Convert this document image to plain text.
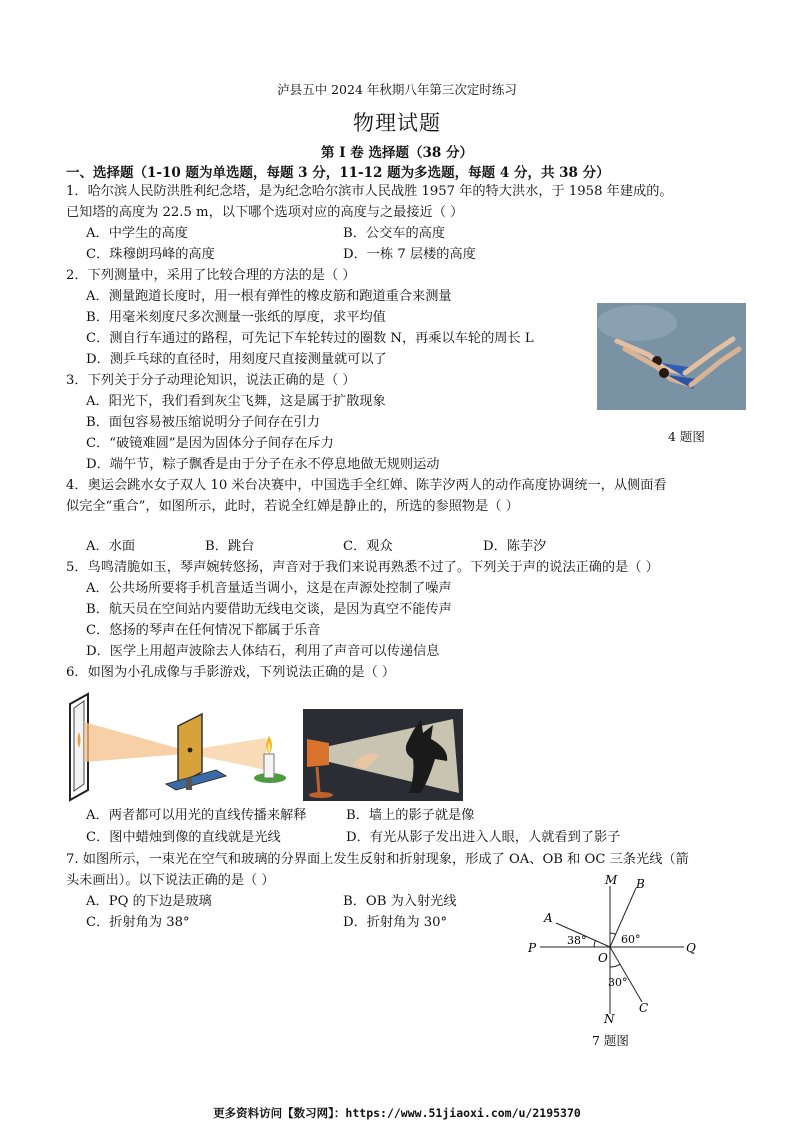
泸县五中 2024 年秋期八年第三次定时练习
物理试题
第 I 卷 选择题（38 分）
一、选择题（1-10 题为单选题，每题 3 分，11-12 题为多选题，每题 4 分，共 38 分）
1．哈尔滨人民防洪胜利纪念塔，是为纪念哈尔滨市人民战胜 1957 年的特大洪水，于 1958 年建成的。
已知塔的高度为 22.5 m，以下哪个选项对应的高度与之最接近（ ）
A．中学生的高度	B．公交车的高度
C．珠穆朗玛峰的高度	D．一栋 7 层楼的高度
2．下列测量中，采用了比较合理的方法的是（ ）
A．测量跑道长度时，用一根有弹性的橡皮筋和跑道重合来测量
B．用毫米刻度尺多次测量一张纸的厚度，求平均值
C．测自行车通过的路程，可先记下车轮转过的圈数 N，再乘以车轮的周长 L
D．测乒乓球的直径时，用刻度尺直接测量就可以了
4 题图
3．下列关于分子动理论知识，说法正确的是（ ）
A．阳光下，我们看到灰尘飞舞，这是属于扩散现象
B．面包容易被压缩说明分子间存在引力
C．“破镜难圆”是因为固体分子间存在斥力
D．端午节，粽子飘香是由于分子在永不停息地做无规则运动
4．奥运会跳水女子双人 10 米台决赛中，中国选手全红婵、陈芋汐两人的动作高度协调统一，从侧面看
似完全“重合”，如图所示，此时，若说全红婵是静止的，所选的参照物是（ ）
A．水面	B．跳台	C．观众	D．陈芋汐
5．鸟鸣清脆如玉，琴声婉转悠扬，声音对于我们来说再熟悉不过了。下列关于声的说法正确的是（ ）
A．公共场所要将手机音量适当调小，这是在声源处控制了噪声
B．航天员在空间站内要借助无线电交谈，是因为真空不能传声
C．悠扬的琴声在任何情况下都属于乐音
D．医学上用超声波除去人体结石，利用了声音可以传递信息
6．如图为小孔成像与手影游戏，下列说法正确的是（ ）
A．两者都可以用光的直线传播来解释	B．墙上的影子就是像
C．图中蜡烛到像的直线就是光线	D．有光从影子发出进入人眼，人就看到了影子
7. 如图所示，一束光在空气和玻璃的分界面上发生反射和折射现象，形成了 OA、OB 和 OC 三条光线（箭
头未画出）。以下说法正确的是（ ）
A．PQ 的下边是玻璃	B．OB 为入射光线
C．折射角为 38°	D．折射角为 30°
M
N
P	Q
O
A
B
C
38°	60°
30°
7 题图
更多资料访问【数习网】：https://www.51jiaoxi.com/u/2195370
